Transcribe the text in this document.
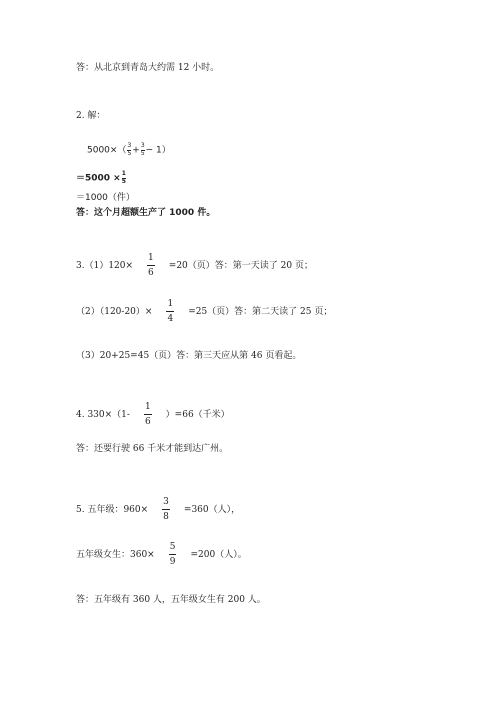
答：从北京到青岛大约需 12 小时。

2. 解：

$5000\times( \frac{3}{5} + \frac{3}{5} - 1)$
$=5000 \times \frac{1}{5}$

＝1000（件）

答：这个月超额生产了 1000 件。

$3.(1)120\times \frac{1}{6} =20$（页）答：第一天读了 20 页；
$(2)(120-20)\times \frac{1}{4} =25$（页）答：第二天读了 25 页；

（3）20+25=45（页）答：第三天应从第 46 页看起。

4. $330\times(1- \frac{1}{6} )=66$（千米）

答：还要行驶 66 千米才能到达广州。

5. 五年级：$960\times \frac{3}{8} =360$（人），
五年级女生：$360\times \frac{5}{9} =200$（人）。

答：五年级有 360 人，五年级女生有 200 人。
